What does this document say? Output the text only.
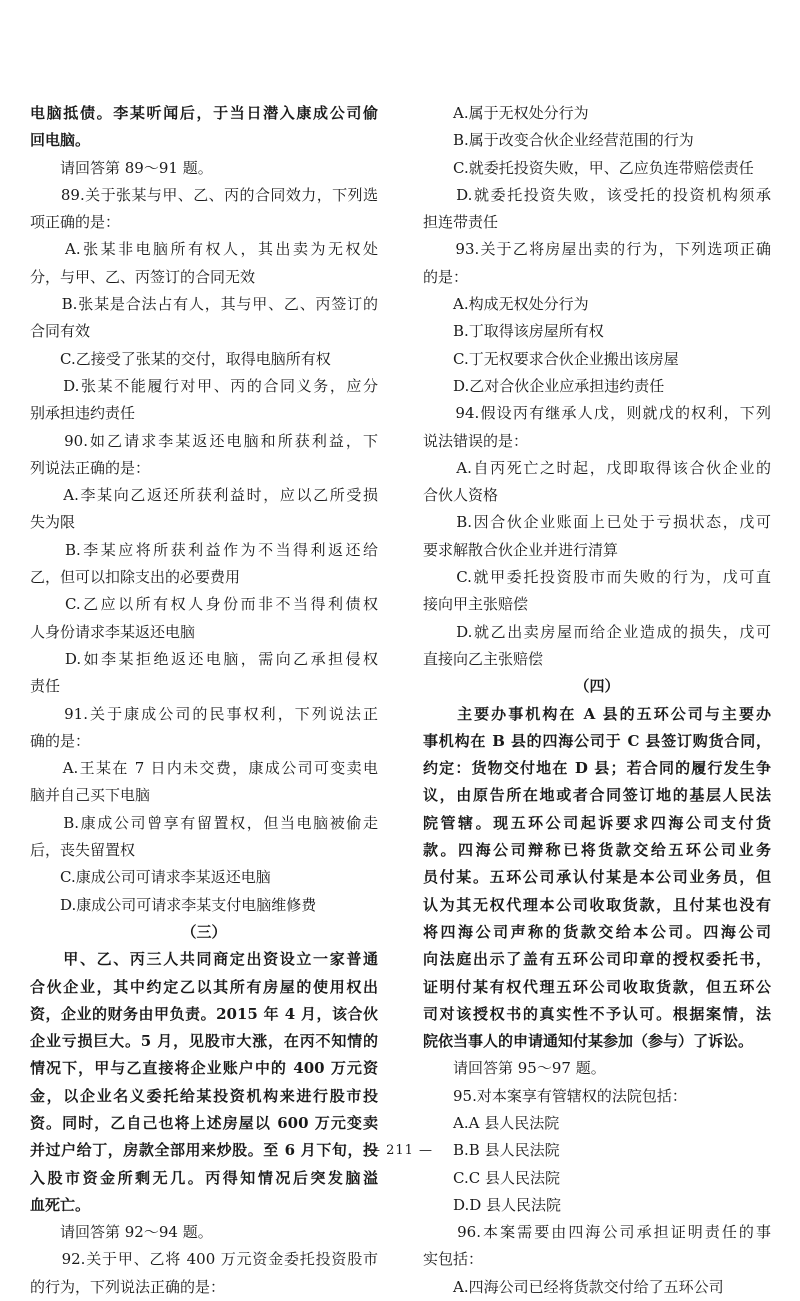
电脑抵债。李某听闻后，于当日潜入康成公司偷

回电脑。

　　请回答第 89～91 题。

　　89.关于张某与甲、乙、丙的合同效力，下列选

项正确的是：

　　A.张某非电脑所有权人，其出卖为无权处

分，与甲、乙、丙签订的合同无效

　　B.张某是合法占有人，其与甲、乙、丙签订的

合同有效

　　C.乙接受了张某的交付，取得电脑所有权

　　D.张某不能履行对甲、丙的合同义务，应分

别承担违约责任

　　90.如乙请求李某返还电脑和所获利益，下

列说法正确的是：

　　A.李某向乙返还所获利益时，应以乙所受损

失为限

　　B.李某应将所获利益作为不当得利返还给

乙，但可以扣除支出的必要费用

　　C.乙应以所有权人身份而非不当得利债权

人身份请求李某返还电脑

　　D.如李某拒绝返还电脑，需向乙承担侵权

责任

　　91.关于康成公司的民事权利，下列说法正

确的是：

　　A.王某在 7 日内未交费，康成公司可变卖电

脑并自己买下电脑

　　B.康成公司曾享有留置权，但当电脑被偷走

后，丧失留置权

　　C.康成公司可请求李某返还电脑

　　D.康成公司可请求李某支付电脑维修费

（三）

　　甲、乙、丙三人共同商定出资设立一家普通

合伙企业，其中约定乙以其所有房屋的使用权出

资，企业的财务由甲负责。2015 年 4 月，该合伙

企业亏损巨大。5 月，见股市大涨，在丙不知情的

情况下，甲与乙直接将企业账户中的 400 万元资

金，以企业名义委托给某投资机构来进行股市投

资。同时，乙自己也将上述房屋以 600 万元变卖

并过户给丁，房款全部用来炒股。至 6 月下旬，投

入股市资金所剩无几。丙得知情况后突发脑溢

血死亡。

　　请回答第 92～94 题。

　　92.关于甲、乙将 400 万元资金委托投资股市

的行为，下列说法正确的是：

　　A.属于无权处分行为

　　B.属于改变合伙企业经营范围的行为

　　C.就委托投资失败，甲、乙应负连带赔偿责任

　　D.就委托投资失败，该受托的投资机构须承

担连带责任

　　93.关于乙将房屋出卖的行为，下列选项正确

的是：

　　A.构成无权处分行为

　　B.丁取得该房屋所有权

　　C.丁无权要求合伙企业搬出该房屋

　　D.乙对合伙企业应承担违约责任

　　94.假设丙有继承人戊，则就戊的权利，下列

说法错误的是：

　　A.自丙死亡之时起，戊即取得该合伙企业的

合伙人资格

　　B.因合伙企业账面上已处于亏损状态，戊可

要求解散合伙企业并进行清算

　　C.就甲委托投资股市而失败的行为，戊可直

接向甲主张赔偿

　　D.就乙出卖房屋而给企业造成的损失，戊可

直接向乙主张赔偿

（四）

　　主要办事机构在 A 县的五环公司与主要办

事机构在 B 县的四海公司于 C 县签订购货合同，

约定：货物交付地在 D 县；若合同的履行发生争

议，由原告所在地或者合同签订地的基层人民法

院管辖。现五环公司起诉要求四海公司支付货

款。四海公司辩称已将货款交给五环公司业务

员付某。五环公司承认付某是本公司业务员，但

认为其无权代理本公司收取货款，且付某也没有

将四海公司声称的货款交给本公司。四海公司

向法庭出示了盖有五环公司印章的授权委托书，

证明付某有权代理五环公司收取货款，但五环公

司对该授权书的真实性不予认可。根据案情，法

院依当事人的申请通知付某参加（参与）了诉讼。

　　请回答第 95～97 题。

　　95.对本案享有管辖权的法院包括：

　　A.A 县人民法院

　　B.B 县人民法院

　　C.C 县人民法院

　　D.D 县人民法院

　　96.本案需要由四海公司承担证明责任的事

实包括：

　　A.四海公司已经将货款交付给了五环公司

— 211 —
